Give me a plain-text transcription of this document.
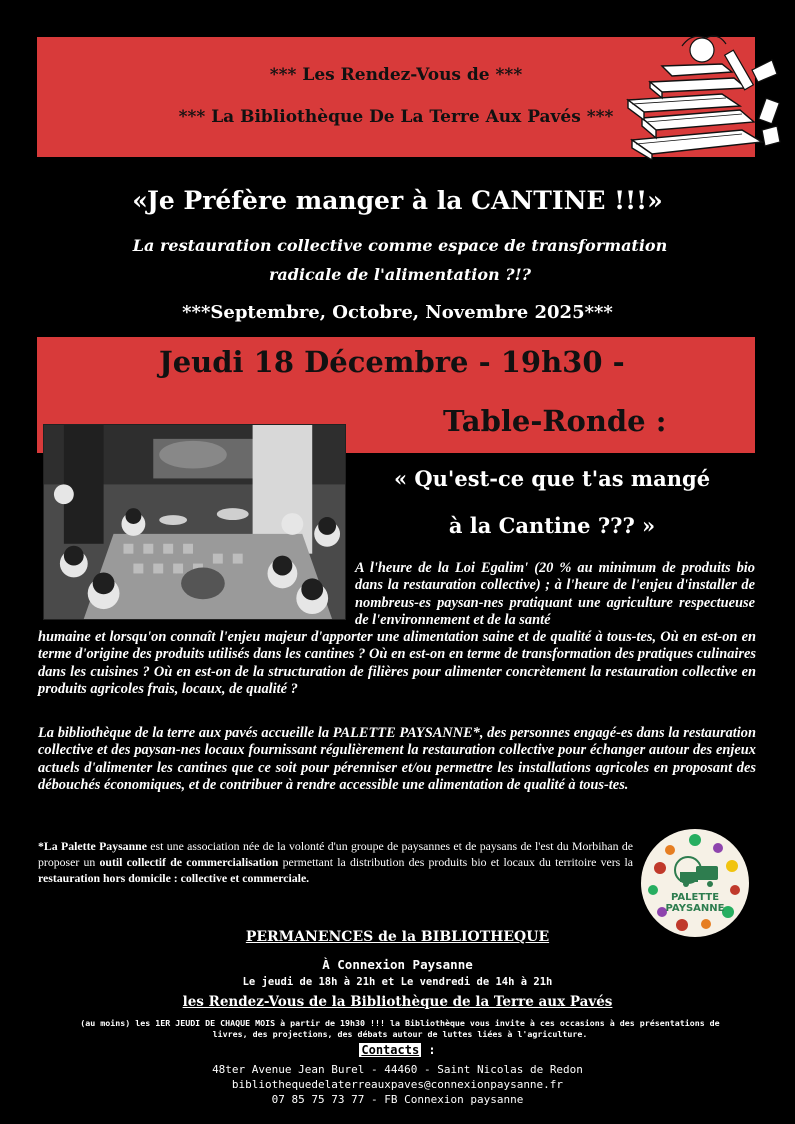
*** Les Rendez-Vous de ***
*** La Bibliothèque De La Terre Aux Pavés ***
«Je Préfère manger à la CANTINE !!!»
La restauration collective comme espace de transformation
radicale de l'alimentation ?!?
***Septembre, Octobre, Novembre 2025***
Jeudi 18 Décembre - 19h30 -
Table-Ronde :
« Qu'est-ce que t'as mangé
à la Cantine ??? »
A l'heure de la Loi Egalim' (20 % au minimum de produits bio dans la restauration collective) ; à l'heure de l'enjeu d'installer de nombreus-es paysan-nes pratiquant une agriculture respectueuse de l'environnement et de la santé
humaine et lorsqu'on connaît l'enjeu majeur d'apporter une alimentation saine et de qualité à tous-tes, Où en est-on en terme d'origine des produits utilisés dans les cantines ? Où en est-on en terme de transformation des pratiques culinaires dans les cuisines ? Où en est-on de la structuration de filières pour alimenter concrètement la restauration collective en produits agricoles frais, locaux, de qualité ?
La bibliothèque de la terre aux pavés accueille la PALETTE PAYSANNE*, des personnes engagé-es dans la restauration collective et des paysan-nes locaux fournissant régulièrement la restauration collective pour échanger autour des enjeux actuels d'alimenter les cantines que ce soit pour pérenniser et/ou permettre les installations agricoles en proposant des débouchés économiques, et de contribuer à rendre accessible une alimentation de qualité à tous-tes.
*La Palette Paysanne est une association née de la volonté d'un groupe de paysannes et de paysans de l'est du Morbihan de proposer un outil collectif de commercialisation permettant la distribution des produits bio et locaux du territoire vers la restauration hors domicile : collective et commerciale.
PALETTE
PAYSANNE
PERMANENCES de la BIBLIOTHEQUE
À Connexion Paysanne
Le jeudi de 18h à 21h et Le vendredi de 14h à 21h
les Rendez-Vous de la Bibliothèque de la Terre aux Pavés
(au moins) les 1ER JEUDI DE CHAQUE MOIS à partir de 19h30 !!! la Bibliothèque vous invite à ces occasions à des présentations de livres, des projections, des débats autour de luttes liées à l'agriculture.
Contacts :
48ter Avenue Jean Burel - 44460 - Saint Nicolas de Redon
bibliothequedelaterreauxpaves@connexionpaysanne.fr
07 85 75 73 77 - FB Connexion paysanne
